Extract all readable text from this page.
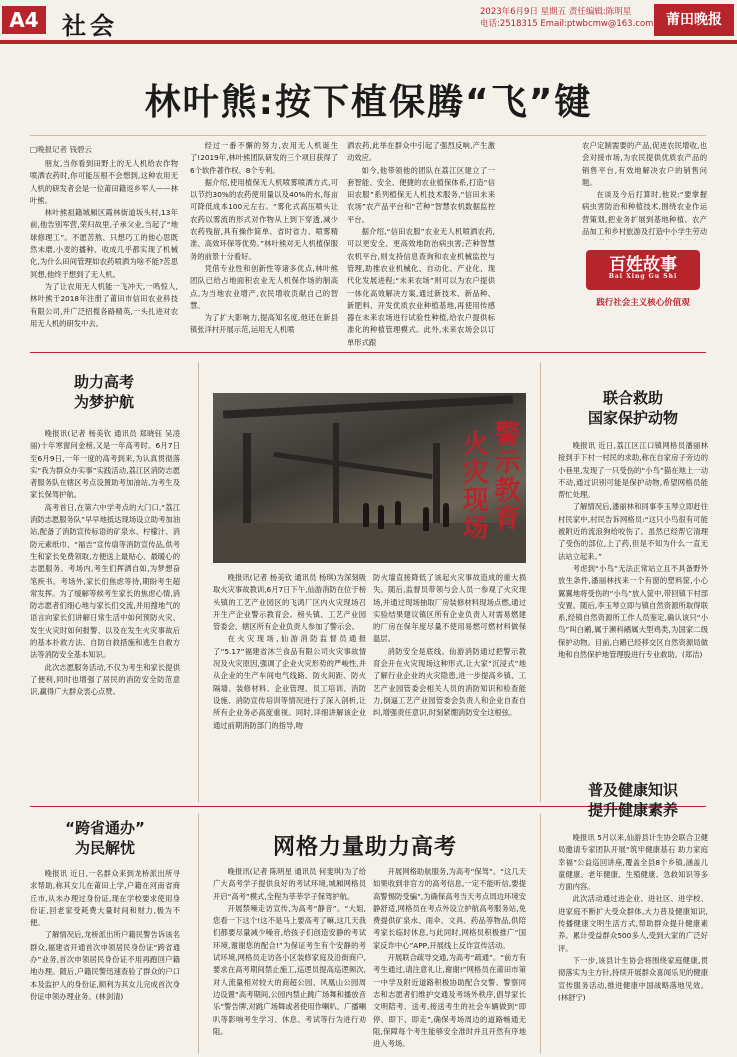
A4 社会	2023年6月9日 星期五 责任编辑:陈明星
电话:2518315 Email:ptwbcmw@163.com 莆田晚报
林叶熊:按下植保腾“飞”键
□晚报记者 钱碧云

朋友,当你看到田野上的无人机给农作物喷洒农药时,你可能压根不会想到,这种农用无人机的研发者会是一位莆田籍返乡军人——林叶熊。

林叶熊祖籍城厢区霞林街道坂头村,13年前,他告别军营,荣归故里,子承父业,当起了“地球修理工”。不愿苦熬、只想巧工的他心思既然未磨,小麦的播种、收成几乎都实现了机械化,为什么田间管理如农药喷洒为啥不能?苦思冥想,他终于想到了无人机。

为了让农用无人机能一飞冲天,一鸣惊人,林叶熊于2018年注册了莆田市信田农业科技有限公司,并广泛招揽各路精英,一头扎进对农用无人机的研发中去。

经过一番不懈的努力,农用无人机诞生了!2019年,林叶熊团队研发的三个项目获得了6个软件著作权、8个专利。

据介绍,使用植保无人机喷雾喷洒方式,可以节约30%的农药使用量以及40%的水,每亩可降低成本100元左右。“雾化式高压喷头让农药以雾流的形式对作物从上到下穿透,减少农药残留,具有操作简单、省时省力、喷雾精准、高效环保等优势。”林叶熊对无人机植保服务的前景十分看好。

凭借专业性和创新性等诸多优点,林叶熊团队已给占地面积农业无人机保作场的制高点,为当地农业增产,农民增收贡献自己的智慧。

为了扩大影响力,提高知名度,他还在新县镇张洋村开展示范,运用无人机喷

洒农药,此举在群众中引起了强烈反响,产生激动效应。

如今,他带领他的团队在荔江区建立了一套智能、安全、便捷的农业植保体系,打造“信田农服”系列植保无人机技术服务,“信田未来农场”农产品平台和“芒种”智慧农机数据监控平台。

据介绍,“信田农服”农业无人机喷洒农药,可以更安全、更高效地防治病虫害;芒种智慧农机平台,则支持信息查询和农业机械监控与管理,助推农业机械化、自动化、产业化、现代化发展进程;“未来农场”则可以为农户提供一体化高效解决方案,通过新技术、新品种、新肥料、开发优质农业种植基地,再使用传感器在未来农场进行试验性种植,给农户提供标准化的种植管理模式。此外,未来农场会以订单形式跟

农户定制需要的产品,促进农民增收,也会对接市场,为农民提供优质农产品的销售平台,有效地解决农户的销售问题。

在谈及今后打算时,他说:“要掌握病虫害防治和种植技术,围绕农业作运营策划,把业务扩展到基地种植、农产品加工和乡村旅游及打造中小学生劳动

百姓故事
Bai Xing Gu Shi
践行社会主义核心价值观
助力高考
为梦护航

晚报讯(记者 杨美钦 通讯员 郑晓钰 吴凌丽)十年寒窗问金榜,又是一年高考时。6月7日至6月9日,一年一度的高考到来,为认真贯彻落实“我为群众办实事”实践活动,荔江区消防志愿者服务队在辖区考点设置助考加油站,为考生及家长保驾护航。

高考首日,在第六中学考点的大门口,“荔江消防志愿服务队”早早地抵达现场设立助考加油站,配备了消防宣传标语的矿泉水、柠檬汁、消防元素纸巾、“福吉”宣传扇等消防宣传品,供考生和家长免费领取,方便送上最贴心、最暖心的志愿服务。考场内,考生们挥洒自如,为梦想奋笔疾书。考场外,家长们焦虑等待,期盼考生超常发挥。为了缓解等候考生家长的焦虑心情,消防志愿者们细心地与家长们交流,并用搜地气的语言向家长们讲解日常生活中如何预防火灾、发生火灾时如何报警、以及在发生火灾事故后的基本扑救方法、自防自救措施和逃生自救方法等消防安全基本知识。

此次志愿服务活动,不仅为考生和家长提供了便利,同时也增强了居民的消防安全防范意识,赢得广大群众衷心点赞。

警示教育
火灾现场

晚报讯(记者 杨美钦 通讯员 杨琪)为深刻吸取火灾事故教训,6月7日下午,仙游消防在位于榜头镇的工艺产业园区的飞鸿厂区内火灾现场召开生产企业警示教育会。榜头镇、工艺产业园管委会、辖区所有企业负责人参加了警示会。

在火灾现场,仙游消防监督员通报了“5.17”福建省沐兰食品有限公司火灾事故情况及火灾原因,强调了企业火灾形势的严峻性,并从企业的生产车间电气线路、防火间距、防火隔墙、装修材料、企业管理、员工培训、消防设施、消防宣传培训等情况进行了深入剖析,让所有企业务必高度重视。同时,详细讲解该企业通过前期消防部门的指导,吻

防火墙直接降低了该起火灾事故造成的重大损失。随后,监督员带领与会人员一参观了火灾现场,并通过现场抽取厂房装修材料现场点燃,通过实验结果建议镇区所有企业负责人对需易燃建的厂房在保年度尽量不使用易燃可燃材料做保温层。

消防安全是底线。仙游消防通过把警示教育会开在火灾现场这种形式,让大家“沉浸式”地了解行业企业的火灾隐患,进一步提高乡镇、工艺产业园管委会相关人员的消防知识和检查能力,倒逼工艺产业园管委会负责人和企业自查自纠,增强责任意识,时刻紧绷消防安全这根弦。

联合救助
国家保护动物

晚报讯 近日,荔江区江口镇网格员潘丽林接到手下村一村民的求助,称在自家房子旁边的小巷里,发现了一只受伤的“小鸟”猫在地上一动不动,通过识别可能是保护动物,希望网格员能帮忙处理。

了解情况后,潘丽林和同事李玉琴立即赶往村民家中,村民告诉网格员:“这只小鸟很有可能被附近的流浪狗给咬伤了。虽然已经帮它清理了受伤的部位,上了药,但是不知为什么一直无法站立起来。”

考虑到“小鸟”无法正常站立且不具备野外放生条件,潘丽林找来一个有窗的塑料筐,小心翼翼地将受伤的“小鸟”放入筐中,带回镇下村部安置。随后,李玉琴立即与镇自然资源所取得联系,经镇自然资源所工作人员鉴定,确认该只“小鸟”叫白鹇,属于濒科鹇属大型鸡类,为国家二级保护动物。目前,白鹇已经移交区自然资源局做地和自然保护地管理股进行专业救助。(郑洁)

“跨省通办”
为民解忧

晚报讯 近日,一名群众来到龙桥派出所寻求帮助,称其女儿在莆田上学,户籍在河南省商丘市,从未办理过身份证,现在学校要求使用身份证,回老家受耗费大量时间和财力,极为不便。

了解情况后,龙桥派出所户籍民警告诉该名群众,福建省开通首次申领居民身份证“跨省通办”业务,首次申领居民身份证不用再跑回户籍地办理。随后,户籍民警迅速查验了群众的户口本及监护人的身份证,顺利为其女儿完成首次身份证申领办理业务。(林剑清)

网格力量助力高考

晚报讯(记者 陈明星 通讯员 何斐琪)为了给广大高考学子提供良好的考试环境,城厢网格员开启“高考”模式,全程为莘莘学子保驾护航。

开展禁噪走访宣传,为高考“静音”。“大姐,您看一下这个!这不是马上要高考了嘛,这几天我们都要尽量减少噪音,给孩子们创造安静的考试环境,谢谢您的配合!”为保证考生有个安静的考试环境,网格员走访各小区装修家庭及沿街商户,要求在高考期间禁止施工,巡逻员提高巡逻频次,对人流量相对较大的商超公园、风凰山公园周边设置“高考期间,公园内禁止跳广场舞和播放音乐”警告牌,对跳广场舞或者使用作喇叭、广播喇叭等影响考生学习、休息、考试等行为进行劝阻。

开展网格助航服务,为高考“保驾”。“这几天如果收到非官方的高考信息,一定不能听信,要提高警惕防受骗”,为确保高考当天考点周边环境安静舒适,网格员在考点外设立护航高考服务站,免费提供矿泉水、雨伞、文具、药品等物品,供陪考家长临时休息,与此同时,网格员积极推广“国家反诈中心”APP,开展线上反诈宣传活动。

开展联合疏导交通,为高考“疏通”。“前方有考生通过,请注意礼让,谢谢!”网格员在莆田市第一中学及附近道路积极协助配合交警、警察同志和志愿者们维护交通及考场外秩序,倡导家长文明陪考、送考,接送考生的社会车辆做到“即停、即下、即走”,确保考场周边的道路畅通无阻,保障每个考生能够安全准时并且开然有序地进入考场。

普及健康知识
提升健康素养

晚报讯 5月以来,仙游县计生协会联合卫健局邀请专家团队开展“筑牢健康基石 助力家庭幸福”公益巡回讲座,覆盖全县8个乡镇,涵盖儿童健康、老年健康、生殖健康、急救知识等多方面内容。

此次活动通过进企业、进社区、进学校、进家庭不断扩大受众群体,大力普及健康知识,传播健康文明生活方式,帮助群众提升健康素养。累计受益群众500多人,受到大家的广泛好评。

下一步,该县计生协会将围绕家庭健康,贯彻落实为主方针,持续开展群众喜闻乐见的健康宣传服务活动,推进健康中国战略落地见效。(林舒宁)
